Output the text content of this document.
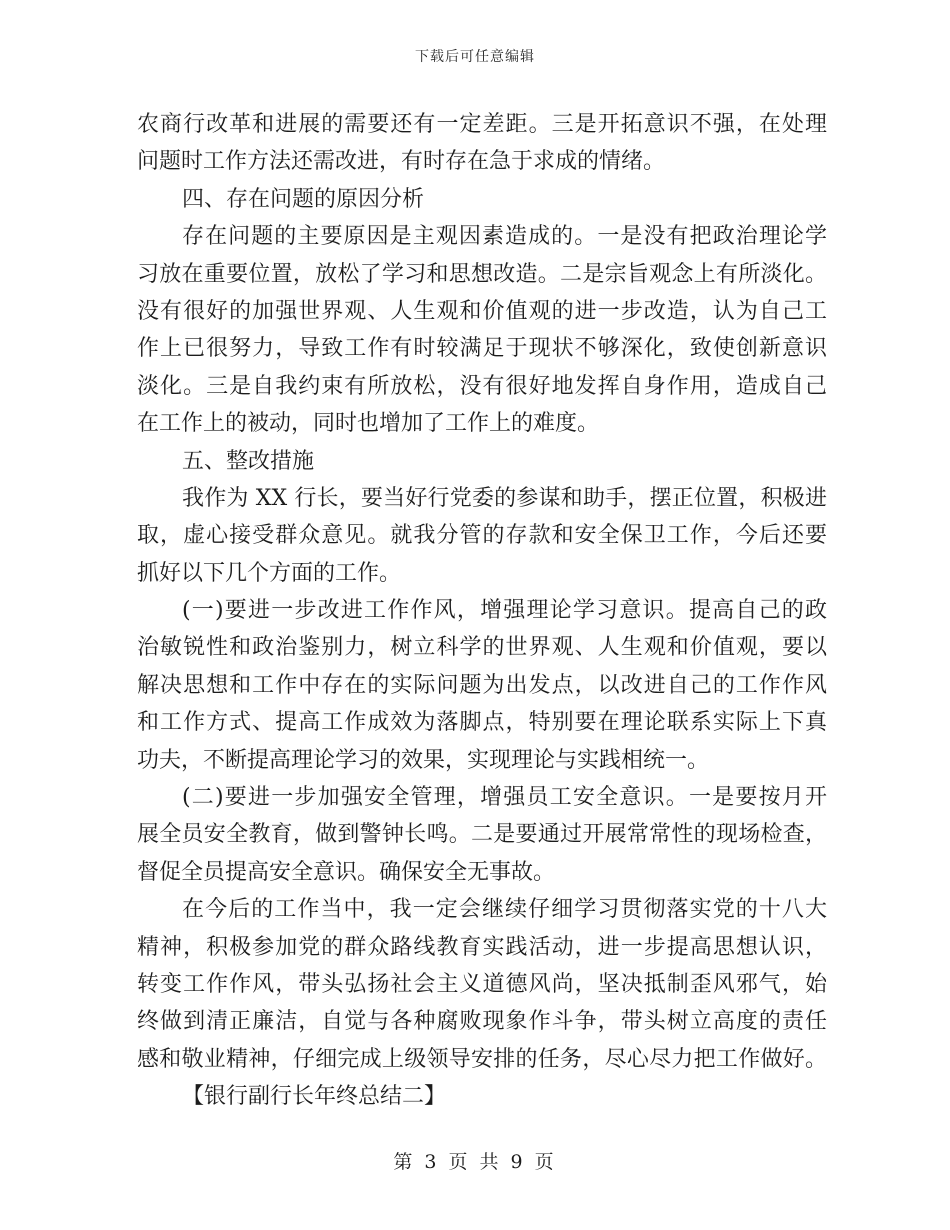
下载后可任意编辑
农商行改革和进展的需要还有一定差距。三是开拓意识不强，在处理
问题时工作方法还需改进，有时存在急于求成的情绪。
四、存在问题的原因分析
存在问题的主要原因是主观因素造成的。一是没有把政治理论学
习放在重要位置，放松了学习和思想改造。二是宗旨观念上有所淡化。
没有很好的加强世界观、人生观和价值观的进一步改造，认为自己工
作上已很努力，导致工作有时较满足于现状不够深化，致使创新意识
淡化。三是自我约束有所放松，没有很好地发挥自身作用，造成自己
在工作上的被动，同时也增加了工作上的难度。
五、整改措施
我作为 XX 行长，要当好行党委的参谋和助手，摆正位置，积极进
取，虚心接受群众意见。就我分管的存款和安全保卫工作，今后还要
抓好以下几个方面的工作。
(一)要进一步改进工作作风，增强理论学习意识。提高自己的政
治敏锐性和政治鉴别力，树立科学的世界观、人生观和价值观，要以
解决思想和工作中存在的实际问题为出发点，以改进自己的工作作风
和工作方式、提高工作成效为落脚点，特别要在理论联系实际上下真
功夫，不断提高理论学习的效果，实现理论与实践相统一。
(二)要进一步加强安全管理，增强员工安全意识。一是要按月开
展全员安全教育，做到警钟长鸣。二是要通过开展常常性的现场检查，
督促全员提高安全意识。确保安全无事故。
在今后的工作当中，我一定会继续仔细学习贯彻落实党的十八大
精神，积极参加党的群众路线教育实践活动，进一步提高思想认识，
转变工作作风，带头弘扬社会主义道德风尚，坚决抵制歪风邪气，始
终做到清正廉洁，自觉与各种腐败现象作斗争，带头树立高度的责任
感和敬业精神，仔细完成上级领导安排的任务，尽心尽力把工作做好。
【银行副行长年终总结二】
第 3 页 共 9 页
